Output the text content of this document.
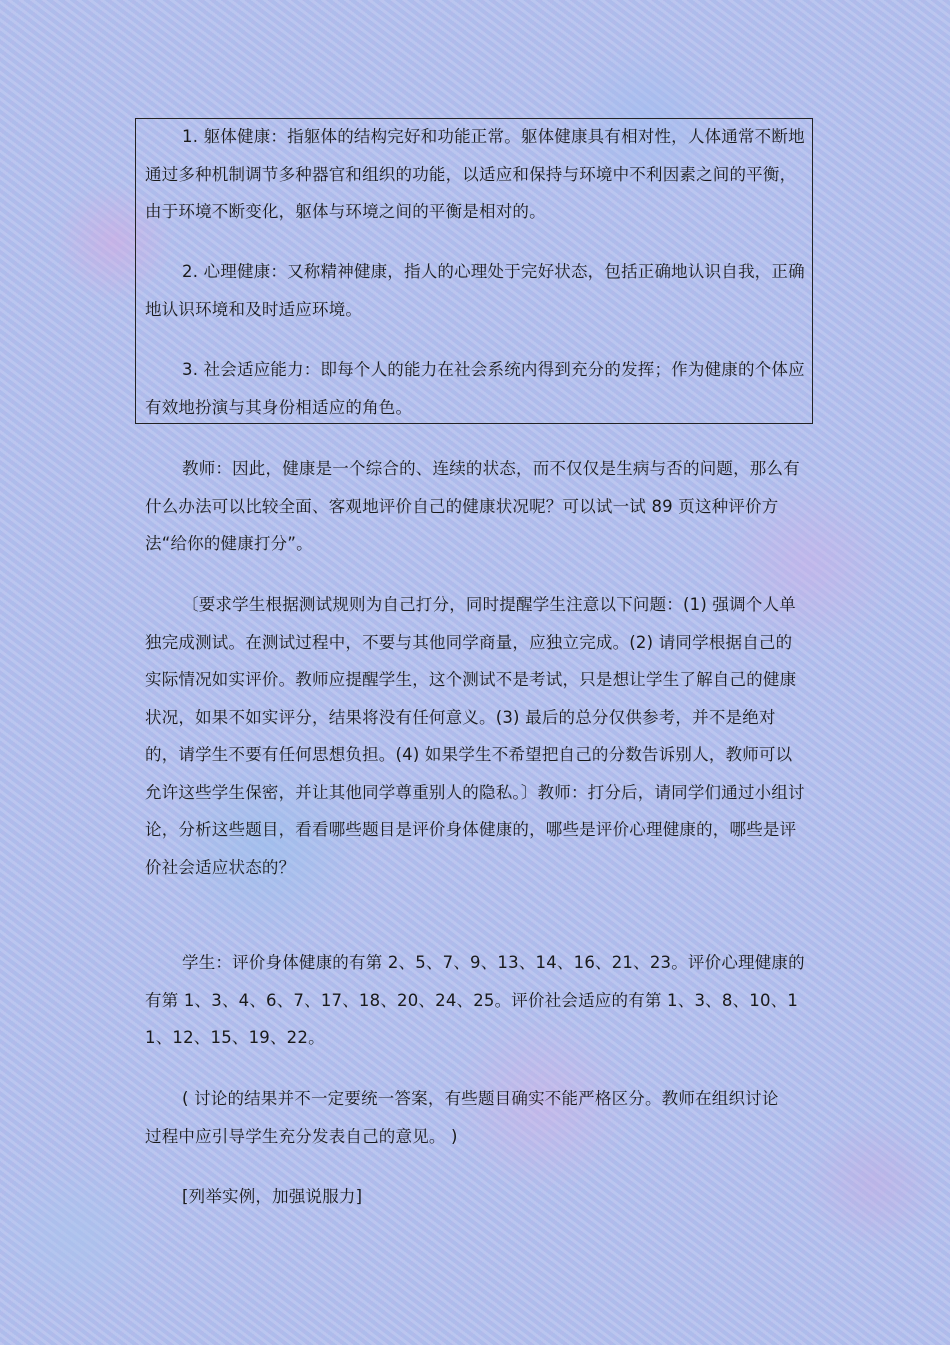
1. 躯体健康：指躯体的结构完好和功能正常。躯体健康具有相对性，人体通常不断地通过多种机制调节多种器官和组织的功能，以适应和保持与环境中不利因素之间的平衡，由于环境不断变化，躯体与环境之间的平衡是相对的。

2. 心理健康：又称精神健康，指人的心理处于完好状态，包括正确地认识自我，正确地认识环境和及时适应环境。

3. 社会适应能力：即每个人的能力在社会系统内得到充分的发挥；作为健康的个体应有效地扮演与其身份相适应的角色。

教师：因此，健康是一个综合的、连续的状态，而不仅仅是生病与否的问题，那么有什么办法可以比较全面、客观地评价自己的健康状况呢？可以试一试 89 页这种评价方法“给你的健康打分”。

〔要求学生根据测试规则为自己打分，同时提醒学生注意以下问题：(1) 强调个人单独完成测试。在测试过程中，不要与其他同学商量，应独立完成。(2) 请同学根据自己的实际情况如实评价。教师应提醒学生，这个测试不是考试，只是想让学生了解自己的健康状况，如果不如实评分，结果将没有任何意义。(3) 最后的总分仅供参考，并不是绝对的，请学生不要有任何思想负担。(4) 如果学生不希望把自己的分数告诉别人，教师可以允许这些学生保密，并让其他同学尊重别人的隐私。〕教师：打分后，请同学们通过小组讨论，分析这些题目，看看哪些题目是评价身体健康的，哪些是评价心理健康的，哪些是评价社会适应状态的？

学生：评价身体健康的有第 2、5、7、9、13、14、16、21、23。评价心理健康的有第 1、3、4、6、7、17、18、20、24、25。评价社会适应的有第 1、3、8、10、11、12、15、19、22。

( 讨论的结果并不一定要统一答案，有些题目确实不能严格区分。教师在组织讨论过程中应引导学生充分发表自己的意见。 )

[列举实例，加强说服力]
